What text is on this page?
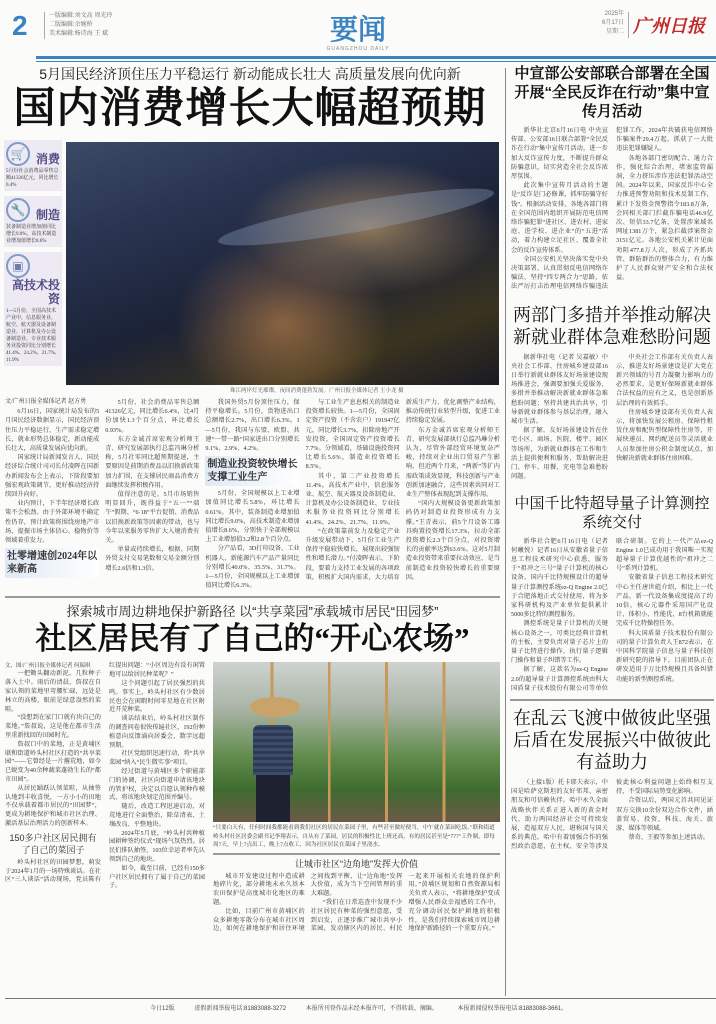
2	一版编辑:刘文高 周光玲
二版编辑:余婉桥
美术编辑:杨诗海 王 斌	要闻
GUANGZHOU DAILY
2025年
6月17日
星期二 广州日报
5月国民经济顶住压力平稳运行 新动能成长壮大 高质量发展向优向新
国内消费增长大幅超预期
🛒 消费
5月份社会消费品零售总额41326亿元，同比增长6.4%
🔧 制造
装备制造业增加值同比增长9.0%，高技术制造业增加值增长8.6%
▣
高技术投资
1—5月份，全国高技术产业中，信息服务业、航空、航天器及设备制造业、计算机及办公设备制造业、专业技术服务业投资同比分别增长41.4%、24.2%、21.7%、11.9%
珠江两岸灯光璀璨，夜间消费蓬勃发展。广州日报全媒体记者 王小龙 摄
文/广州日报全媒体记者 赵方勇

6月16日，国家统计局发布的5月国民经济数据显示，国民经济顶住压力平稳运行，生产需求稳定增长，就业形势总体稳定，新动能成长壮大，高质量发展向优向新。

国家统计局新闻发言人、国民经济综合统计司司长付凌晖在国新办新闻发布会上表示，下阶段要加强宏观政策调节，更好推动经济持续回升向好。

业内预计，下半年经济增长政策不会松劲。由于外部环境不确定性仍存，预计政策将围绕房地产市场、提振市场主体信心、稳物价等领域着重发力。

社零增速创2024年以来新高

5月份，社会消费品零售总额41326亿元，同比增长6.4%，比4月份加快1.3个百分点，环比增长0.93%。

东方金诚首席宏观分析师王青、研究发展部执行总监冯琳分析称，5月社零同比超预期提速，主要原因是前期消费品以旧换新政策加力扩围，在支撑居民商品消费方面继续发挥积极作用。

值得注意的是，5月市场销售明显回升，既得益于“五一”“端午”假期、“6·18”平台促销、消费品以旧换新政策等因素的带动，也与今年以来服务零售扩大入境消费有关。

单量或持续增长，根据、同期外贸支付交易笔数和交易金额分别增长2.6倍和1.3倍。

我国外贸5月份顶住压力，保持平稳增长。5月份，货物进出口总额增长2.7%，出口增长6.3%。1—5月份，我国与东盟、欧盟、共建“一带一路”国家进出口分别增长9.1%、2.9%、4.2%。

制造业投资较快增长 支撑工业生产

5月份，全国规模以上工业增加值同比增长5.8%，环比增长0.61%。其中，装备制造业增加值同比增长9.0%，高技术制造业增加值增长8.6%，分别快于全部规模以上工业增加值3.2和2.8个百分点。

分产品看，3D打印设备、工业机器人、新能源汽车产品产量同比分别增长40.0%、35.5%、31.7%。1—5月份，全国规模以上工业增加值同比增长6.3%。

与工业生产息息相关的制造业投资增长较快。1—5月份，全国固定资产投资（不含农户）191947亿元，同比增长3.7%，扣除房地产开发投资，全国固定资产投资增长7.7%。分领域看，基础设施投资同比增长5.6%，制造业投资增长8.5%。

其中，第二产业投资增长11.4%。高技术产业中，信息服务业、航空、航天器及设备制造业、计算机及办公设备制造业、专业技术服务业投资同比分别增长41.4%、24.2%、21.7%、11.9%。

“在政策靠前发力及稳定产业升级发展带动下，5月份工业生产保持平稳较快增长，展现出较强韧性和增长潜力。”付凌晖表示，下阶段，要着力支持工业发展的各项政策，积极扩大国内需求，大力培育新质生产力，优化调整产业结构，推动传统行业转型升级，促进工业持续稳定发展。

东方金诚首席宏观分析师王青、研究发展部执行总监冯琳分析认为，尽管外部经贸环境复杂严峻，持续对企业出口贸易产生影响，但近两个月来，“两新”等扩内需政策成效显现，科技创新与产业创新加速融合，这些因素共同对工业生产整体表现起到支撑作用。

“国内大规模设备更新政策加码仍对制造业投资形成有力支撑。”王青表示，前5个月设备工器具购置投资增长17.3%，拉动全部投资增长2.3个百分点，对投资增长的贡献率达到63.6%。这对5月制造业投资带来重要拉动效应，是当前制造业投资较快增长的重要原因。

探索城市周边耕地保护新路径 以“共享菜园”承载城市居民“田园梦”
社区居民有了自己的“开心农场”
文、图/广州日报全媒体记者 何瑞琪

一把锄头翻动新泥，几粒种子落入土中。雨后的清晨，詹叔在自家认领的菜地里弯腰忙碌，远处是林立的高楼，眼前是绿意盎然的菜畦。

“没想到在家门口就有块自己的菜地。”詹叔说，这是他在都市生活里重新找回的田园时光。

詹叔口中的菜地，正是黄埔区联和街道岭头村社区打造的“共享菜园”——它曾经是一片撂荒地，如今已蜕变为40余种蔬菜蓬勃生长的“都市田园”。

从居民踊跃认领菜畦，从抽签认地到丰收喜悦，一方小小的田地不仅承载着都市居民的“田园梦”，更成为耕地保护和城市社区治理、激活基层治理活力的创新样本。

150多户社区居民拥有了自己的菜园子

岭头村社区的田园梦想，萌发于2024年1月的一场特殊谈话。在社区“三人谈话”活动现场，党员陈有红提出问题：“小区周边有没有闲置地可以给居民种菜呢？”

这个问题引起了居民强烈的共鸣。事实上，岭头村社区有少数居民也会在闲暇时间零星地在社区附近开荒种菜。

谈话结束后，岭头村社区制作的调查问卷很快传遍社区，192份种植意向反馈涌向居委会，数字远超预期。

社区党组织迅速行动，将“共享菜园”纳入“民生微实事”项目。

经过街道与黄埔区多个职能部门的协调，社区向街道申请该地块的管护权，决定以自愿认领种作模式，将该地块划定范围并编号。

随后，改造工程迅速启动，对荒地进行全面整治，除草清表、土壤改良、平整地块。

2024年5月底，“岭头村共种植园耕种签约仪式”现场气氛热烈。居民们排队抽签，103位幸运者率先认领到自己的地块。

如今，截至目前，已经有150多户社区居民拥有了属于自己的菜园子。

“只要白天有，任何时间我都能看到我们社区的居民在菜园子里，有些甚至做好便当，中午就在菜园吃饭。”联和街道岭头村社区居委会副书记李翔表示，自从有了菜园，居民的积极性比上班还高，有的居民甚至是“777”工作制，即每周7天，早上7点出工，晚上7点收工，因为社区居民在菜园子里浇水。
让城市社区“边角地”发挥大价值

城市开发建设过程中造成耕地碎片化，部分耕地未永久基本农田保护是高度城市化地区的难题。

比如，目前广州市黄埔区的众多耕地零散分布在城市社区周边，如何在耕地保护和居住环境之间找到平衡，让“边角地”发挥大价值，成为当下空间管理的重大难题。

“我们在日常巡查中发现不少社区居民有种菜的强烈意愿，受到启发，正逐步推广城市共享小菜园，发动辖区内的居民、村民一起来开展相关农地的保护利用。”黄埔区规划和自然资源局相关负责人表示，“将耕地保护变成增强人民群众幸福感的工作中，充分调动居民保护耕地的积极性，是我们持续探索城市周边耕地保护新路径的一个重要方向。”

中宣部公安部联合部署在全国开展“全民反诈在行动”集中宣传月活动

新华社北京6月16日电 中央宣传部、公安部16日联合部署“全民反诈在行动”集中宣传月活动，进一步加大反诈宣传力度，不断提升群众防骗意识，切实营造全社会反诈浓厚氛围。

此次集中宣传月活动的主题是“反诈是门必修课，抓牢防骗守好钱”。根据活动安排，各地各部门将在全国范围内组织开展防范电信网络诈骗犯罪“进社区、进农村、进家庭、进学校、进企业”的“五进”活动，着力构建立足社区、覆盖全社会的反诈宣传体系。

全国公安机关坚决落实党中央决策部署，认真贯彻反电信网络诈骗法，坚持“四专两合力”思路，依法严厉打击治理电信网络诈骗违法犯罪工作，2024年共破获电信网络诈骗案件29.4万起，抓获了一大批违法犯罪嫌疑人。

各地各部门密切配合、通力合作，强化综合治理，堵塞监管漏洞，全力挤压涉诈违法犯罪活动空间。2024年以来，国家反诈中心全力推进预警劝阻和技术反制工作，累计下发资金预警指令183.8万条，会同相关部门拦截诈骗电话46.9亿次、短信33.7亿条，处置涉案域名网址1381万个，紧急拦截涉案资金3151亿元。各地公安机关累计见面劝阻477.8万人次，形成了齐抓共管、群防群治的整体合力，有力维护了人民群众财产安全和合法权益。

两部门多措并举推动解决新就业群体急难愁盼问题

据新华社电（记者 吴嘉敏）中央社会工作部、住房城乡建设部16日举行新就业群体友好场景建设现场推进会，强调要加强关爱服务，多措并举推动解决新就业群体急难愁盼问题；坚持共建共治共享，引导新就业群体参与基层治理，融入城市生活。

据了解，友好场景建设旨在住宅小区、商场、医院、楼宇、园区等场所，为新就业群体在工作和生活上提供便利和服务，帮助解决进门、停车、用餐、充电等急难愁盼问题。

中央社会工作部有关负责人表示，推进友好场景建设是扩大党在新兴领域的号召力凝聚力影响力的必然要求，是更好保障新就业群体合法权益的应有之义，也是创新基层治理的有效抓手。

住房城乡建设部有关负责人表示，将加快发展公租房、保障性租赁住房和配售型保障性住房等，开展快递员、网约配送员等灵活就业人员参加住房公积金制度试点，加快解决新就业群体住房困难。

中国千比特超导量子计算测控系统交付

新华社合肥6月16日电（记者 何曦悦）记者16日从安徽省量子信息工程技术研究中心获悉，服务于“祖冲之三号”量子计算机的核心设备、国内千比特规模设计的超导量子计算测控系统ez-Q Engine 2.0已于合肥落地正式交付使用，将为多家科研机构及产业单位提供累计5000多比特的测控服务。

测控系统是量子计算机的关键核心设备之一，可类比经典计算机的主板，主要负责对量子芯片上的量子比特进行操作，执行量子逻辑门操作和量子纠错等工作。

据了解，这款名为ez-Q Engine 2.0的超导量子计算测控系统由科大国盾量子技术股份有限公司等单位联合研制。它的上一代产品ez-Q Engine 1.0已成功用于我国唯一实现超导量子计算优越性的“祖冲之二号”系列计算机。

安徽省量子信息工程技术研究中心主任唐世彪介绍，相比上一代产品，新一代设备集成度提高了约10倍，核心元器件采用国产化设计，体积小、性能优，8台机箱就能完成千比特操控任务。

科大国盾量子技术股份有限公司的量子计算负责人王872表示，在中国科学院量子信息与量子科技创新研究院的指导下，目前团队正在研发适用于万比特规模且具备纠错功能的新型测控系统。

在乱云飞渡中做彼此坚强后盾在发展振兴中做彼此有益助力

（上接1版）托卡耶夫表示，中国是哈萨克斯坦的友好邻邦、亲密朋友和可信赖伙伴。哈中永久全面战略伙伴关系正进入新的黄金时代，助力两国经济社会可持续发展，造福双方人民，堪称国与国关系的典范。哈中有着加强合作的强烈政治意愿，在主权、安全等涉及彼此核心利益问题上始终相互支持，不受国际局势变化影响。

合资以后，两国元首共同见证双方交换10余份双边合作文件，涵盖贸易、投资、科技、海关、旅游、媒体等领域。

蔡奇、王毅等参加上述活动。

今日12版	虚假新闻举报电话:81883088-3272	本报所刊登作品未经本报许可，不得转载、摘编。	本报新闻侵权举报电话:81883088-3661。
